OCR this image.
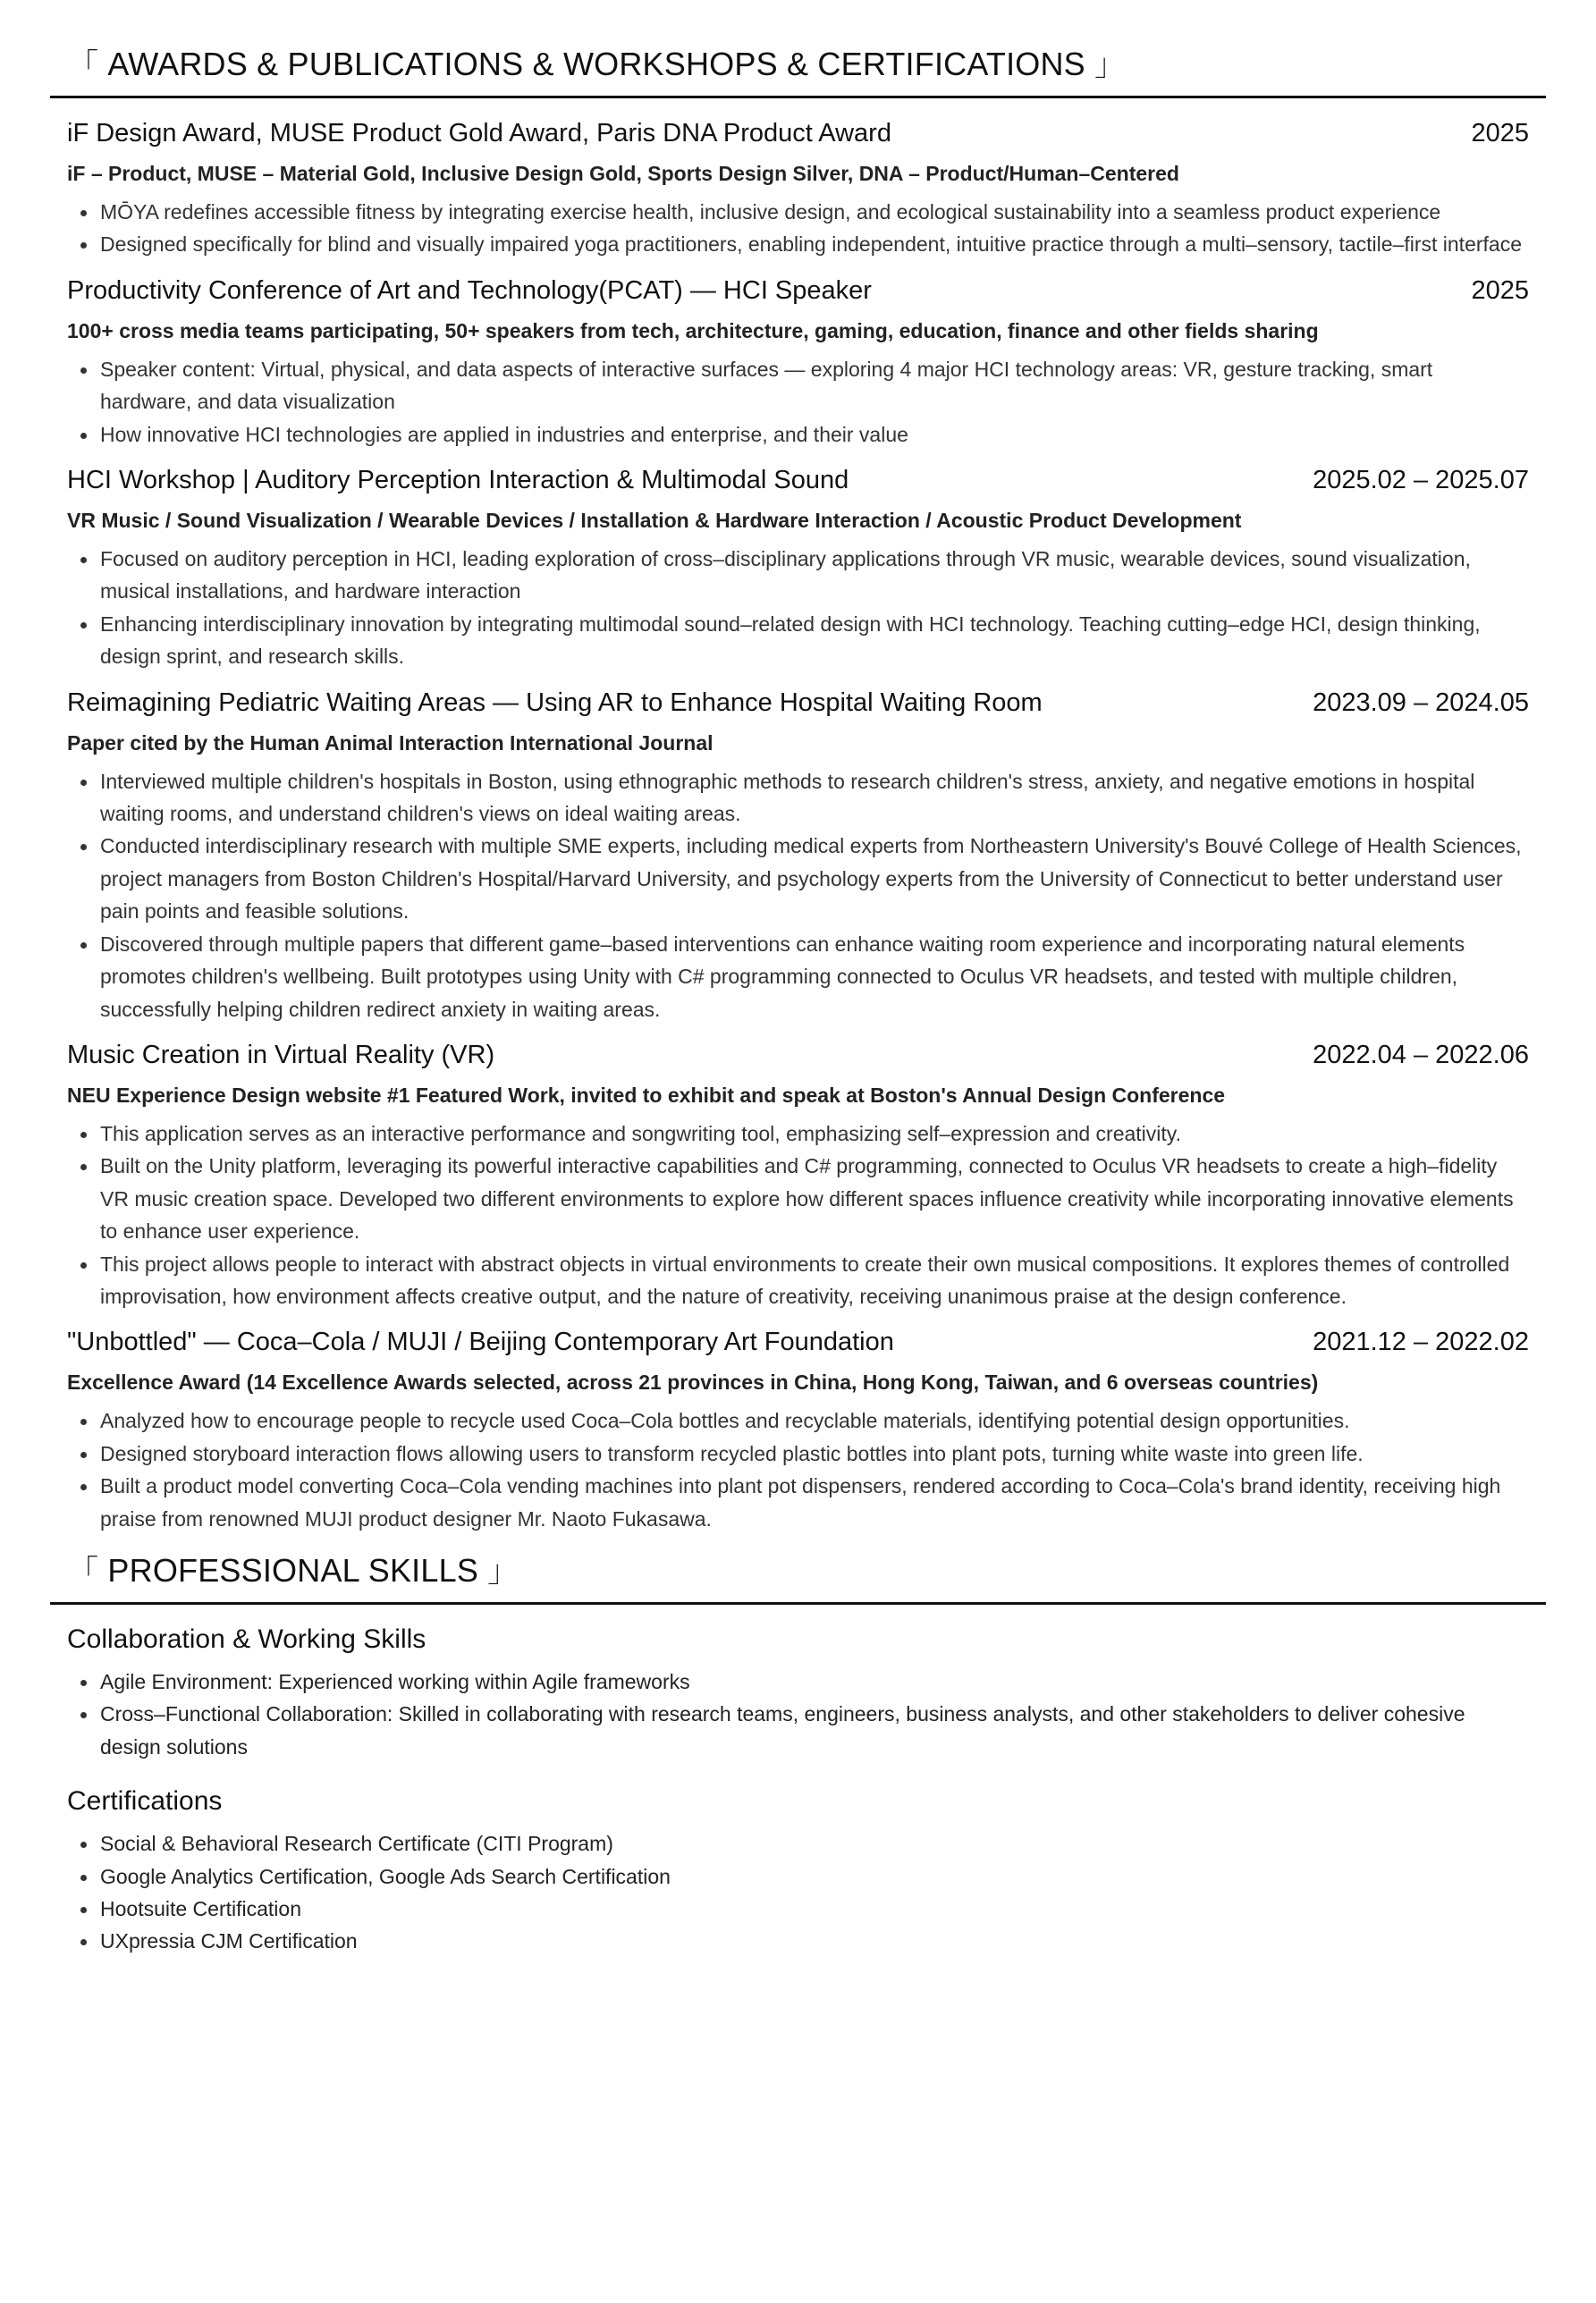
「 AWARDS & PUBLICATIONS & WORKSHOPS & CERTIFICATIONS 」
iF Design Award, MUSE Product Gold Award, Paris DNA Product Award	2025
iF – Product, MUSE – Material Gold, Inclusive Design Gold, Sports Design Silver, DNA – Product/Human–Centered
MŌYA redefines accessible fitness by integrating exercise health, inclusive design, and ecological sustainability into a seamless product experience
Designed specifically for blind and visually impaired yoga practitioners, enabling independent, intuitive practice through a multi–sensory, tactile–first interface
Productivity Conference of Art and Technology(PCAT) — HCI Speaker	2025
100+ cross media teams participating, 50+ speakers from tech, architecture, gaming, education, finance and other fields sharing
Speaker content: Virtual, physical, and data aspects of interactive surfaces — exploring 4 major HCI technology areas: VR, gesture tracking, smart hardware, and data visualization
How innovative HCI technologies are applied in industries and enterprise, and their value
HCI Workshop | Auditory Perception Interaction & Multimodal Sound	2025.02 – 2025.07
VR Music / Sound Visualization / Wearable Devices / Installation & Hardware Interaction / Acoustic Product Development
Focused on auditory perception in HCI, leading exploration of cross–disciplinary applications through VR music, wearable devices, sound visualization, musical installations, and hardware interaction
Enhancing interdisciplinary innovation by integrating multimodal sound–related design with HCI technology. Teaching cutting–edge HCI, design thinking, design sprint, and research skills.
Reimagining Pediatric Waiting Areas — Using AR to Enhance Hospital Waiting Room	2023.09 – 2024.05
Paper cited by the Human Animal Interaction International Journal
Interviewed multiple children's hospitals in Boston, using ethnographic methods to research children's stress, anxiety, and negative emotions in hospital waiting rooms, and understand children's views on ideal waiting areas.
Conducted interdisciplinary research with multiple SME experts, including medical experts from Northeastern University's Bouvé College of Health Sciences, project managers from Boston Children's Hospital/Harvard University, and psychology experts from the University of Connecticut to better understand user pain points and feasible solutions.
Discovered through multiple papers that different game–based interventions can enhance waiting room experience and incorporating natural elements promotes children's wellbeing. Built prototypes using Unity with C# programming connected to Oculus VR headsets, and tested with multiple children, successfully helping children redirect anxiety in waiting areas.
Music Creation in Virtual Reality (VR)	2022.04 – 2022.06
NEU Experience Design website #1 Featured Work, invited to exhibit and speak at Boston's Annual Design Conference
This application serves as an interactive performance and songwriting tool, emphasizing self–expression and creativity.
Built on the Unity platform, leveraging its powerful interactive capabilities and C# programming, connected to Oculus VR headsets to create a high–fidelity VR music creation space. Developed two different environments to explore how different spaces influence creativity while incorporating innovative elements to enhance user experience.
This project allows people to interact with abstract objects in virtual environments to create their own musical compositions. It explores themes of controlled improvisation, how environment affects creative output, and the nature of creativity, receiving unanimous praise at the design conference.
"Unbottled" — Coca–Cola / MUJI / Beijing Contemporary Art Foundation	2021.12 – 2022.02
Excellence Award (14 Excellence Awards selected, across 21 provinces in China, Hong Kong, Taiwan, and 6 overseas countries)
Analyzed how to encourage people to recycle used Coca–Cola bottles and recyclable materials, identifying potential design opportunities.
Designed storyboard interaction flows allowing users to transform recycled plastic bottles into plant pots, turning white waste into green life.
Built a product model converting Coca–Cola vending machines into plant pot dispensers, rendered according to Coca–Cola's brand identity, receiving high praise from renowned MUJI product designer Mr. Naoto Fukasawa.
「 PROFESSIONAL SKILLS 」
Collaboration & Working Skills
Agile Environment: Experienced working within Agile frameworks
Cross–Functional Collaboration: Skilled in collaborating with research teams, engineers, business analysts, and other stakeholders to deliver cohesive design solutions
Certifications
Social & Behavioral Research Certificate (CITI Program)
Google Analytics Certification, Google Ads Search Certification
Hootsuite Certification
UXpressia CJM Certification
